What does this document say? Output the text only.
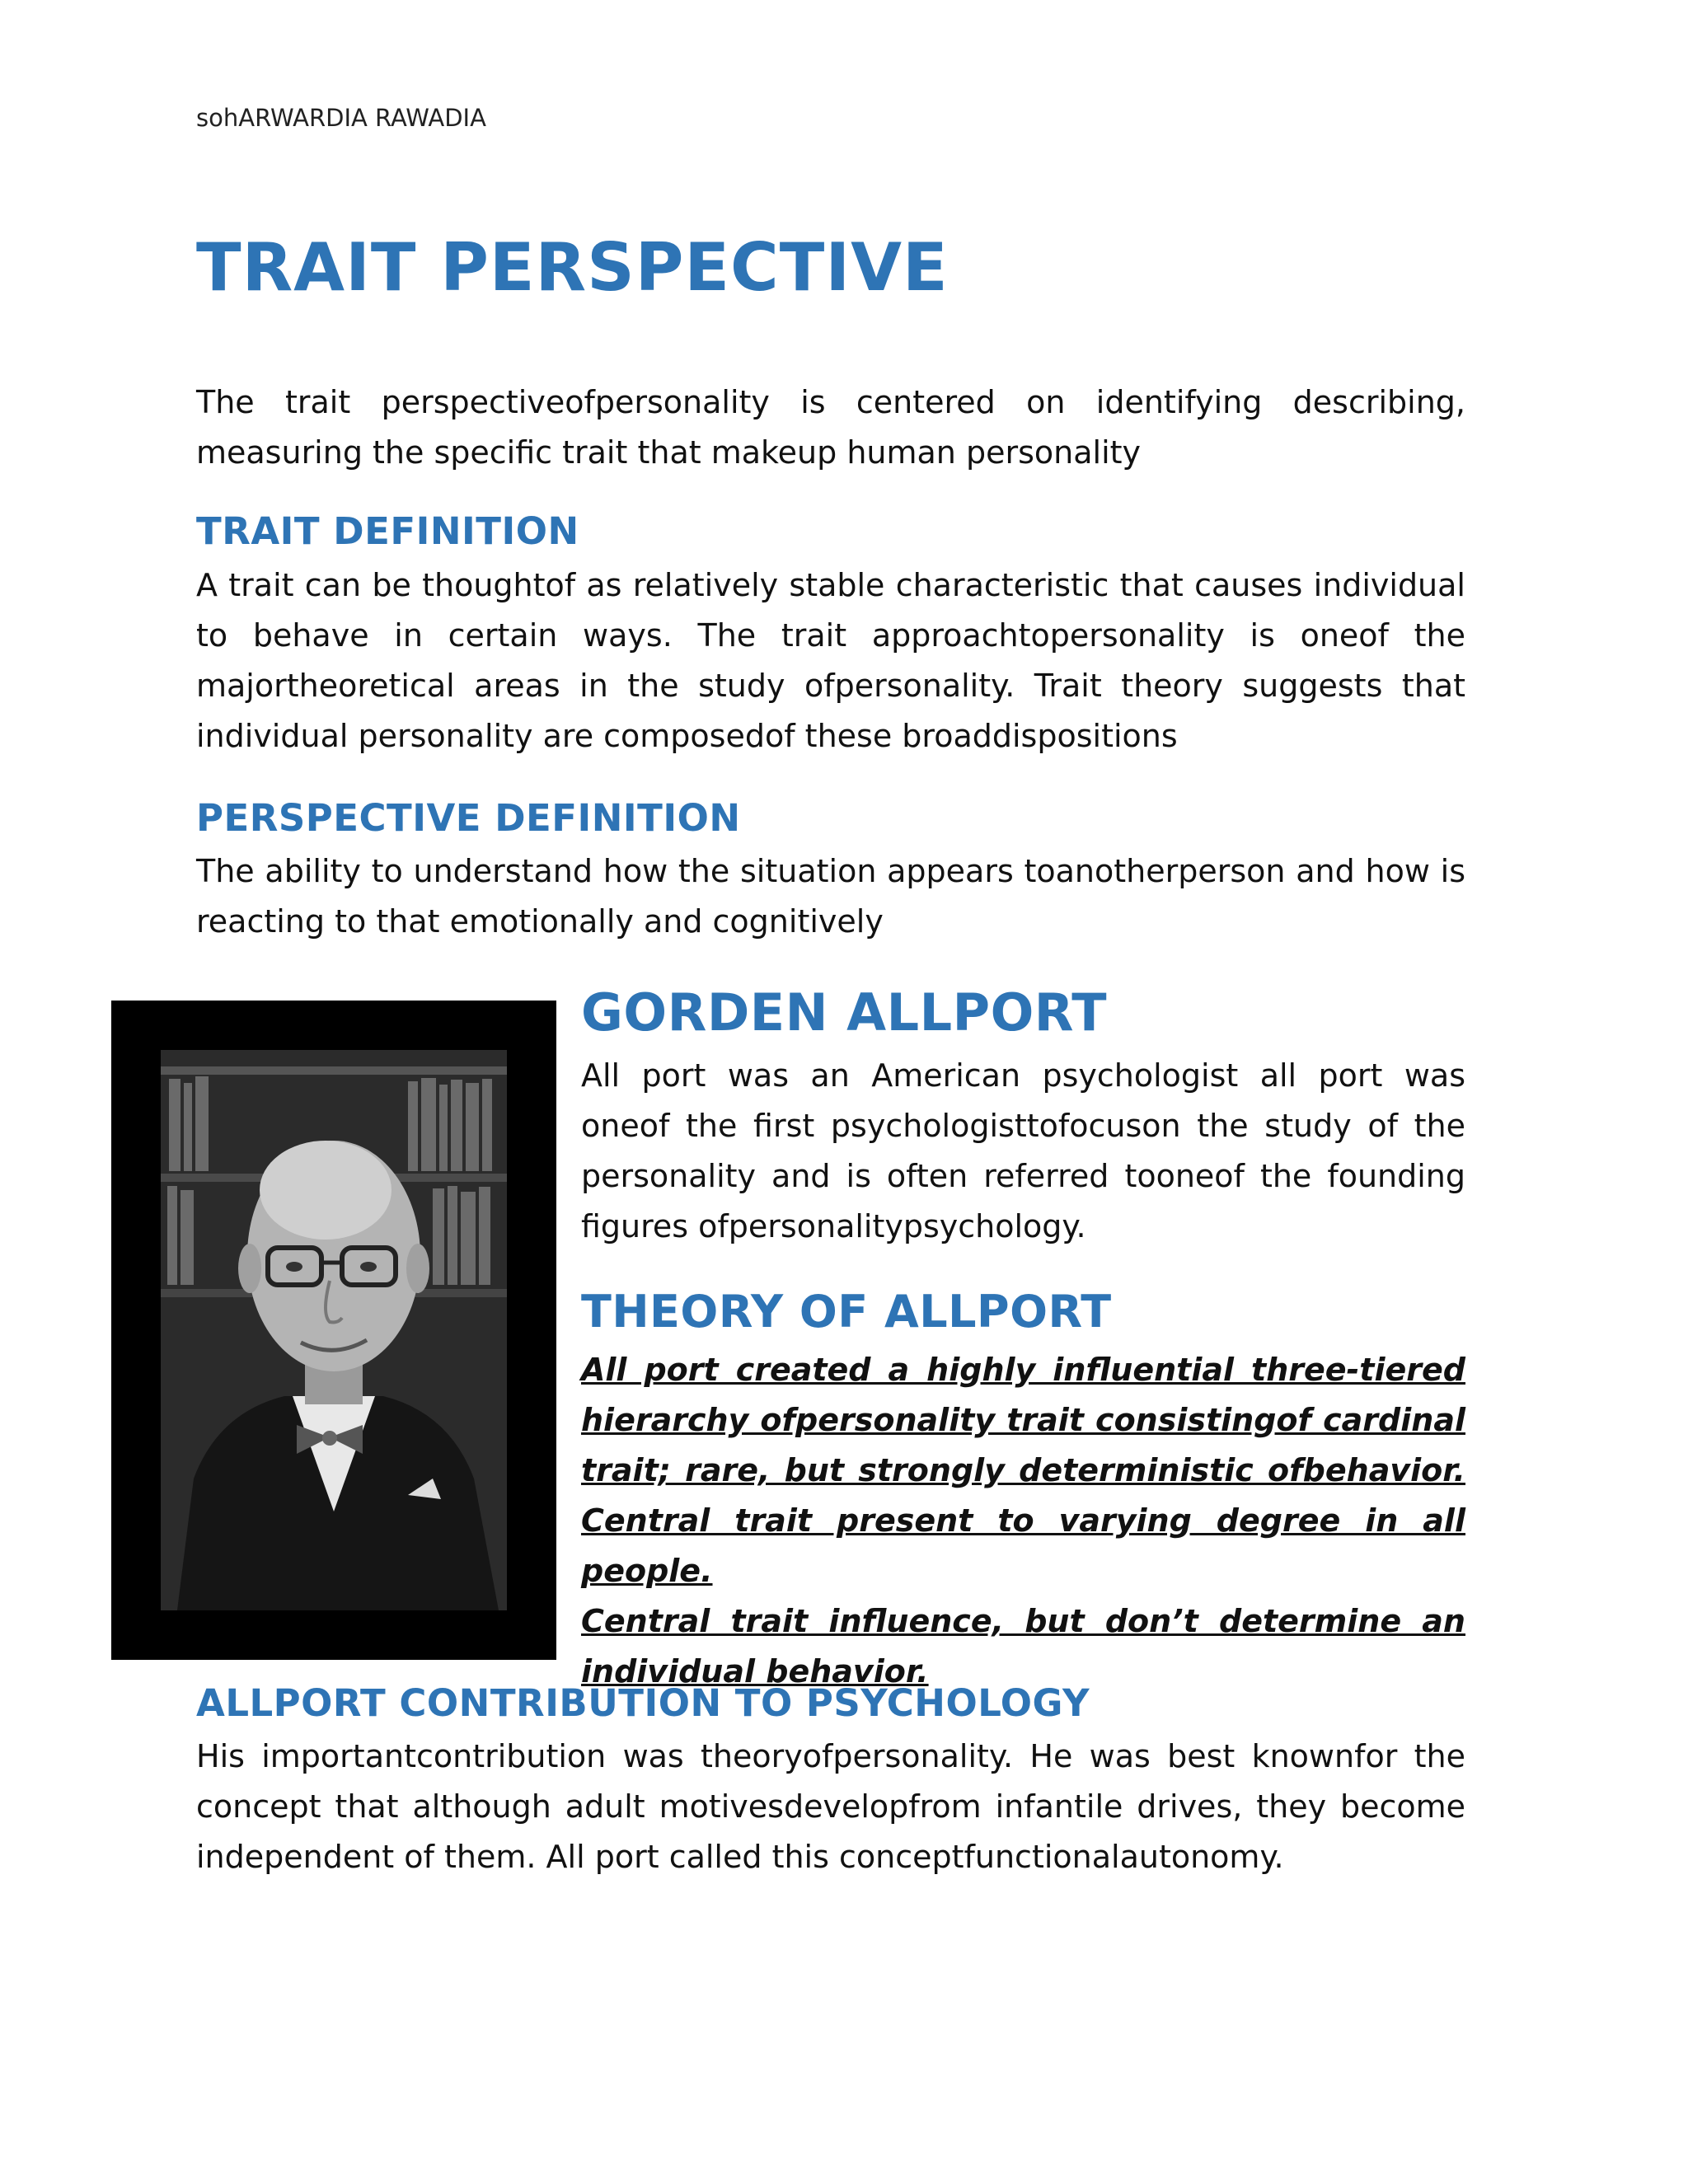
sohARWARDIA RAWADIA
TRAIT PERSPECTIVE

The trait perspectiveofpersonality is centered on identifying describing,
measuring the specific trait that makeup human personality

TRAIT DEFINITION

A trait can be thoughtof as relatively stable characteristic that causes individual
to behave in certain ways. The trait approachtopersonality is oneof the
majortheoretical areas in the study ofpersonality. Trait theory suggests that
individual personality are composedof these broaddispositions

PERSPECTIVE DEFINITION

The ability to understand how the situation appears toanotherperson and how is
reacting to that emotionally and cognitively

GORDEN ALLPORT

All port was an American psychologist all port was
oneof the first psychologisttofocuson the study of the
personality and is often referred tooneof the founding
figures ofpersonalitypsychology.

THEORY OF ALLPORT

All port created a highly influential three-tiered
hierarchy ofpersonality trait consistingof cardinal
trait; rare, but strongly deterministic ofbehavior.
Central trait present to varying degree in all people.
Central trait influence, but don’t determine an
individual behavior.

ALLPORT CONTRIBUTION TO PSYCHOLOGY

His importantcontribution was theoryofpersonality. He was best knownfor the
concept that although adult motivesdevelopfrom infantile drives, they become
independent of them. All port called this conceptfunctionalautonomy.
